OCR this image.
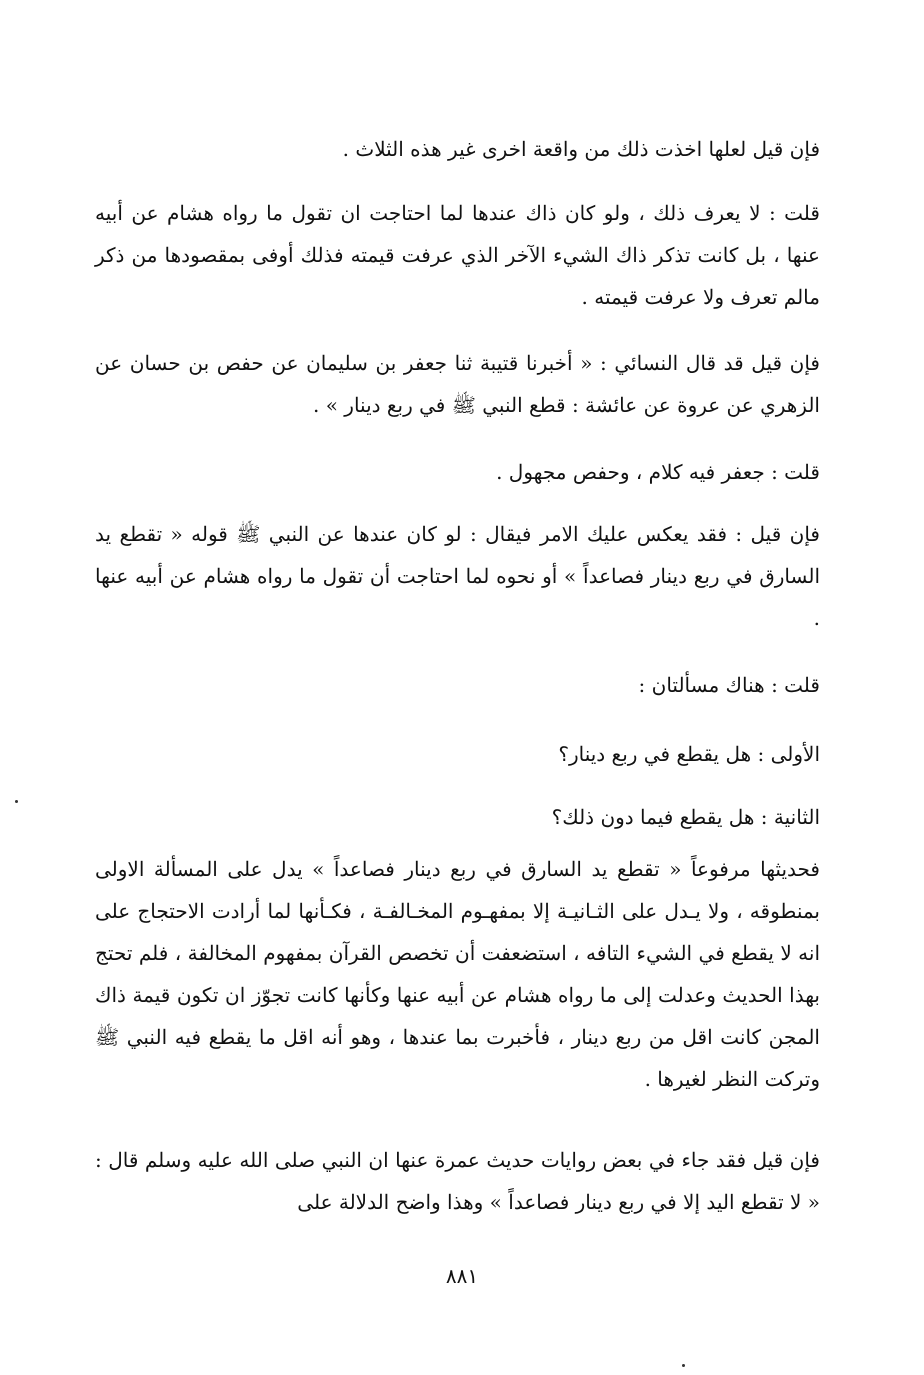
فإن قيل لعلها اخذت ذلك من واقعة اخرى غير هذه الثلاث .

قلت : لا يعرف ذلك ، ولو كان ذاك عندها لما احتاجت ان تقول ما رواه هشام عن أبيه عنها ، بل كانت تذكر ذاك الشيء الآخر الذي عرفت قيمته فذلك أوفى بمقصودها من ذكر مالم تعرف ولا عرفت قيمته .

فإن قيل قد قال النسائي : « أخبرنا قتيبة ثنا جعفر بن سليمان عن حفص بن حسان عن الزهري عن عروة عن عائشة : قطع النبي ﷺ في ربع دينار » .

قلت : جعفر فيه كلام ، وحفص مجهول .

فإن قيل : فقد يعكس عليك الامر فيقال : لو كان عندها عن النبي ﷺ قوله « تقطع يد السارق في ربع دينار فصاعداً » أو نحوه لما احتاجت أن تقول ما رواه هشام عن أبيه عنها .

قلت : هناك مسألتان :

الأولى : هل يقطع في ربع دينار؟

الثانية : هل يقطع فيما دون ذلك؟

فحديثها مرفوعاً « تقطع يد السارق في ربع دينار فصاعداً » يدل على المسألة الاولى بمنطوقه ، ولا يـدل على الثـانيـة إلا بمفهـوم المخـالفـة ، فكـأنها لما أرادت الاحتجاج على انه لا يقطع في الشيء التافه ، استضعفت أن تخصص القرآن بمفهوم المخالفة ، فلم تحتج بهذا الحديث وعدلت إلى ما رواه هشام عن أبيه عنها وكأنها كانت تجوّز ان تكون قيمة ذاك المجن كانت اقل من ربع دينار ، فأخبرت بما عندها ، وهو أنه اقل ما يقطع فيه النبي ﷺ وتركت النظر لغيرها .

فإن قيل فقد جاء في بعض روايات حديث عمرة عنها ان النبي صلى الله عليه وسلم قال : « لا تقطع اليد إلا في ربع دينار فصاعداً » وهذا واضح الدلالة على

٨٨١
